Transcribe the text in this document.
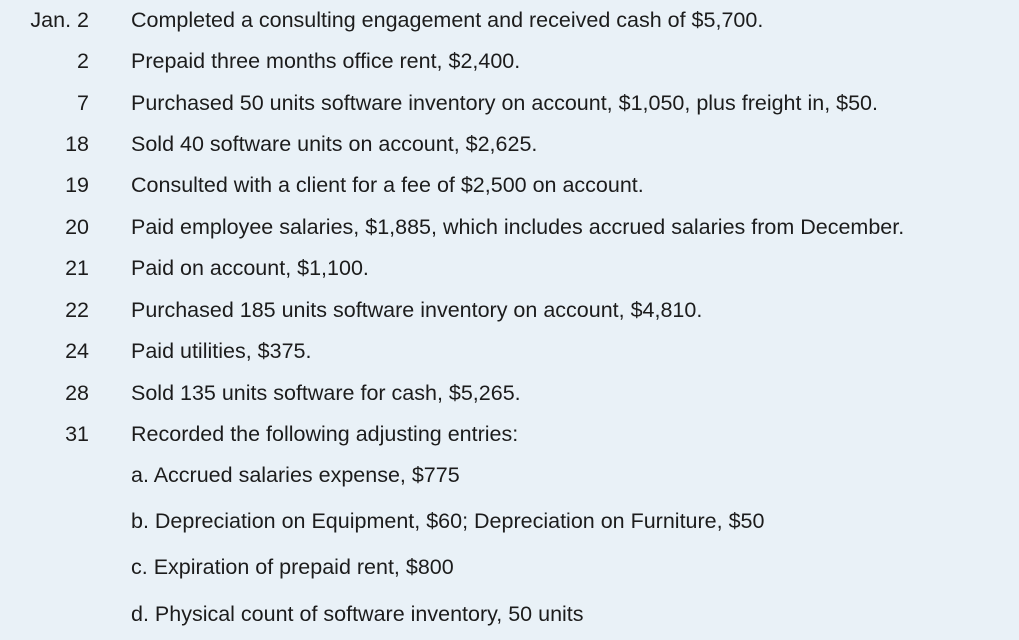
Jan. 2 Completed a consulting engagement and received cash of $5,700.
2 Prepaid three months office rent, $2,400.
7 Purchased 50 units software inventory on account, $1,050, plus freight in, $50.
18 Sold 40 software units on account, $2,625.
19 Consulted with a client for a fee of $2,500 on account.
20 Paid employee salaries, $1,885, which includes accrued salaries from December.
21 Paid on account, $1,100.
22 Purchased 185 units software inventory on account, $4,810.
24 Paid utilities, $375.
28 Sold 135 units software for cash, $5,265.
31 Recorded the following adjusting entries:
a. Accrued salaries expense, $775
b. Depreciation on Equipment, $60; Depreciation on Furniture, $50
c. Expiration of prepaid rent, $800
d. Physical count of software inventory, 50 units
